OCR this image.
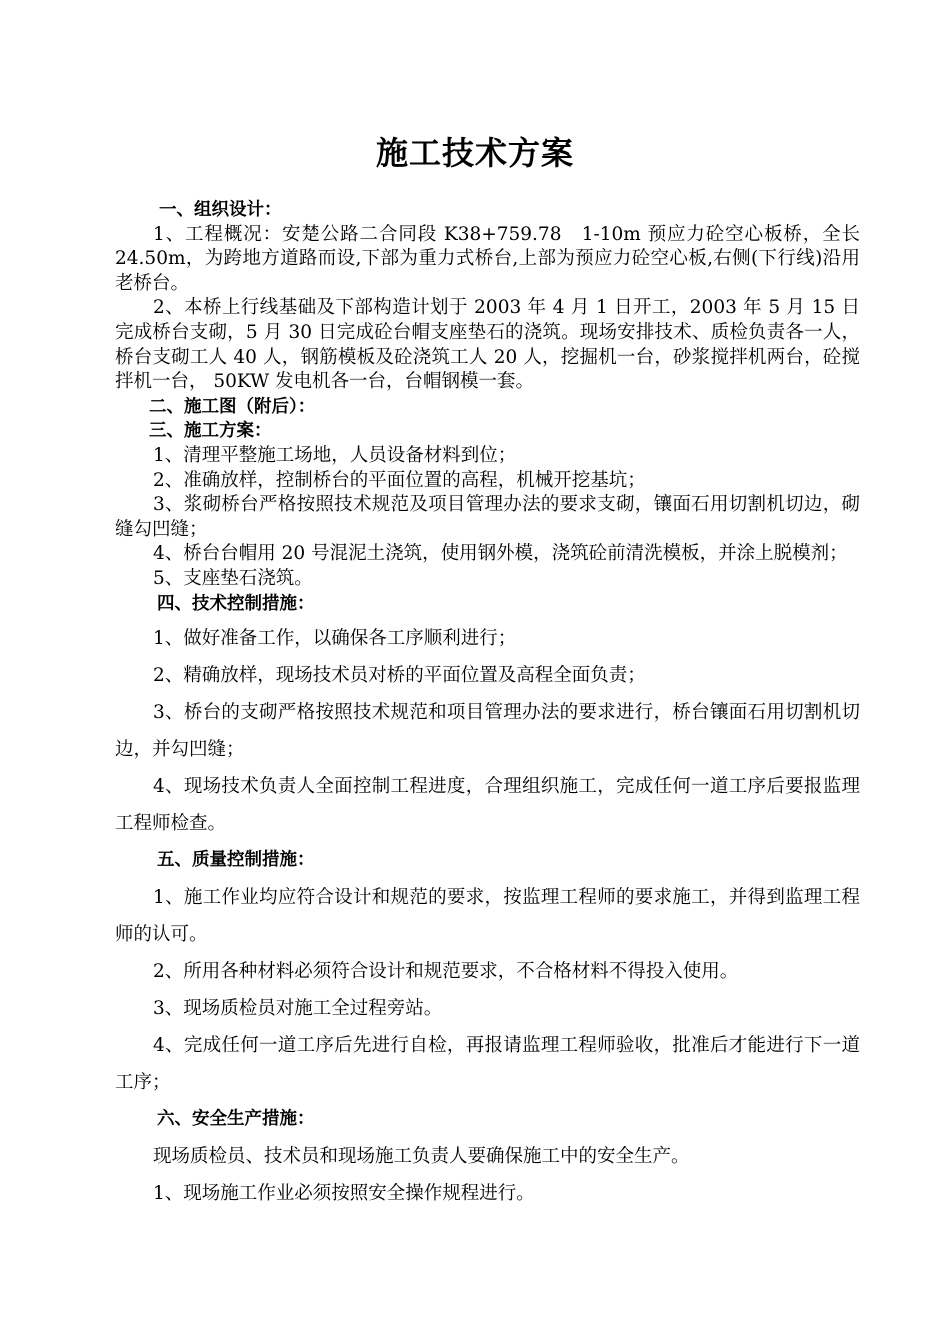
施工技术方案

一、组织设计：

1、工程概况：安楚公路二合同段 K38+759.78　1-10m 预应力砼空心板桥，全长 24.50m，为跨地方道路而设,下部为重力式桥台,上部为预应力砼空心板,右侧(下行线)沿用老桥台。

2、本桥上行线基础及下部构造计划于 2003 年 4 月 1 日开工，2003 年 5 月 15 日完成桥台支砌，5 月 30 日完成砼台帽支座垫石的浇筑。现场安排技术、质检负责各一人，桥台支砌工人 40 人，钢筋模板及砼浇筑工人 20 人，挖掘机一台，砂浆搅拌机两台，砼搅拌机一台， 50KW 发电机各一台，台帽钢模一套。

二、施工图（附后）：

三、施工方案：

1、清理平整施工场地，人员设备材料到位；

2、准确放样，控制桥台的平面位置的高程，机械开挖基坑；

3、浆砌桥台严格按照技术规范及项目管理办法的要求支砌，镶面石用切割机切边，砌缝勾凹缝；

4、桥台台帽用 20 号混泥土浇筑，使用钢外模，浇筑砼前清洗模板，并涂上脱模剂；

5、支座垫石浇筑。

四、技术控制措施：

1、做好准备工作，以确保各工序顺利进行；

2、精确放样，现场技术员对桥的平面位置及高程全面负责；

3、桥台的支砌严格按照技术规范和项目管理办法的要求进行，桥台镶面石用切割机切边，并勾凹缝；

4、现场技术负责人全面控制工程进度，合理组织施工，完成任何一道工序后要报监理工程师检查。

五、质量控制措施：

1、施工作业均应符合设计和规范的要求，按监理工程师的要求施工，并得到监理工程师的认可。

2、所用各种材料必须符合设计和规范要求，不合格材料不得投入使用。

3、现场质检员对施工全过程旁站。

4、完成任何一道工序后先进行自检，再报请监理工程师验收，批准后才能进行下一道工序；

六、安全生产措施：

现场质检员、技术员和现场施工负责人要确保施工中的安全生产。

1、现场施工作业必须按照安全操作规程进行。
